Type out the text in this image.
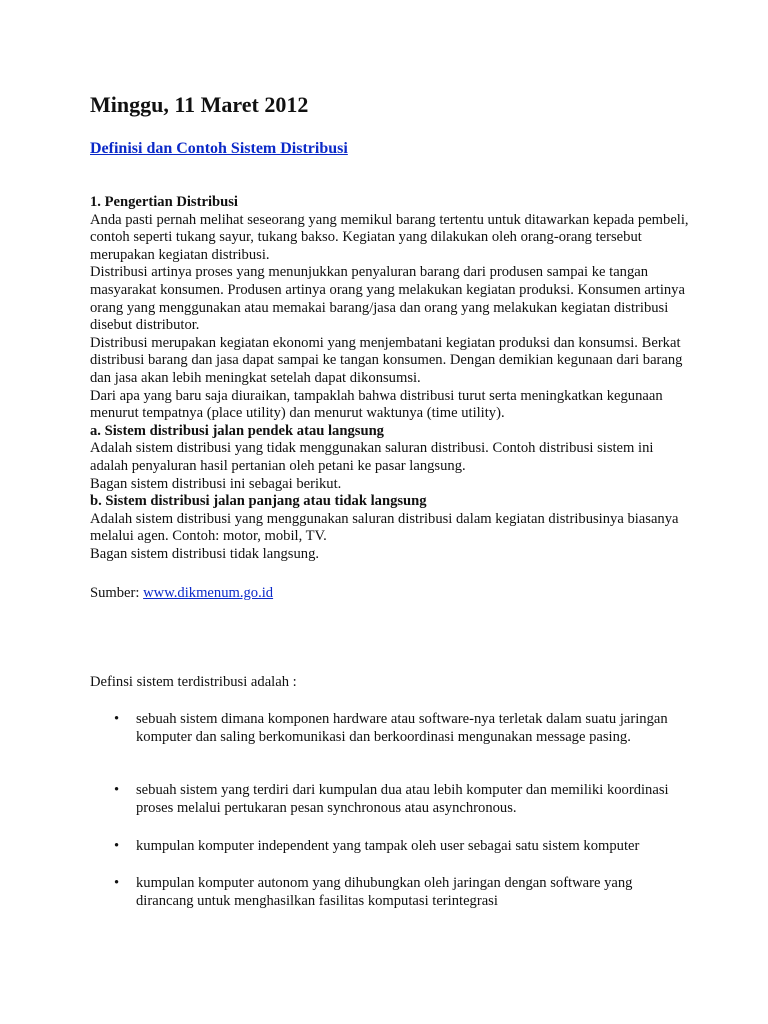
Minggu, 11 Maret 2012
Definisi dan Contoh Sistem Distribusi

1. Pengertian Distribusi

Anda pasti pernah melihat seseorang yang memikul barang tertentu untuk ditawarkan kepada pembeli, contoh seperti tukang sayur, tukang bakso. Kegiatan yang dilakukan oleh orang-orang tersebut merupakan kegiatan distribusi.

Distribusi artinya proses yang menunjukkan penyaluran barang dari produsen sampai ke tangan masyarakat konsumen. Produsen artinya orang yang melakukan kegiatan produksi. Konsumen artinya orang yang menggunakan atau memakai barang/jasa dan orang yang melakukan kegiatan distribusi disebut distributor.

Distribusi merupakan kegiatan ekonomi yang menjembatani kegiatan produksi dan konsumsi. Berkat distribusi barang dan jasa dapat sampai ke tangan konsumen. Dengan demikian kegunaan dari barang dan jasa akan lebih meningkat setelah dapat dikonsumsi.

Dari apa yang baru saja diuraikan, tampaklah bahwa distribusi turut serta meningkatkan kegunaan menurut tempatnya (place utility) dan menurut waktunya (time utility).

a. Sistem distribusi jalan pendek atau langsung

Adalah sistem distribusi yang tidak menggunakan saluran distribusi. Contoh distribusi sistem ini adalah penyaluran hasil pertanian oleh petani ke pasar langsung.

Bagan sistem distribusi ini sebagai berikut.

b. Sistem distribusi jalan panjang atau tidak langsung

Adalah sistem distribusi yang menggunakan saluran distribusi dalam kegiatan distribusinya biasanya melalui agen. Contoh: motor, mobil, TV.

Bagan sistem distribusi tidak langsung.

Sumber: www.dikmenum.go.id

Definsi sistem terdistribusi adalah :

• sebuah sistem dimana komponen hardware atau software-nya terletak dalam suatu jaringan komputer dan saling berkomunikasi dan berkoordinasi mengunakan message pasing.
• sebuah sistem yang terdiri dari kumpulan dua atau lebih komputer dan memiliki koordinasi proses melalui pertukaran pesan synchronous atau asynchronous.
• kumpulan komputer independent yang tampak oleh user sebagai satu sistem komputer
• kumpulan komputer autonom yang dihubungkan oleh jaringan dengan software yang dirancang untuk menghasilkan fasilitas komputasi terintegrasi
